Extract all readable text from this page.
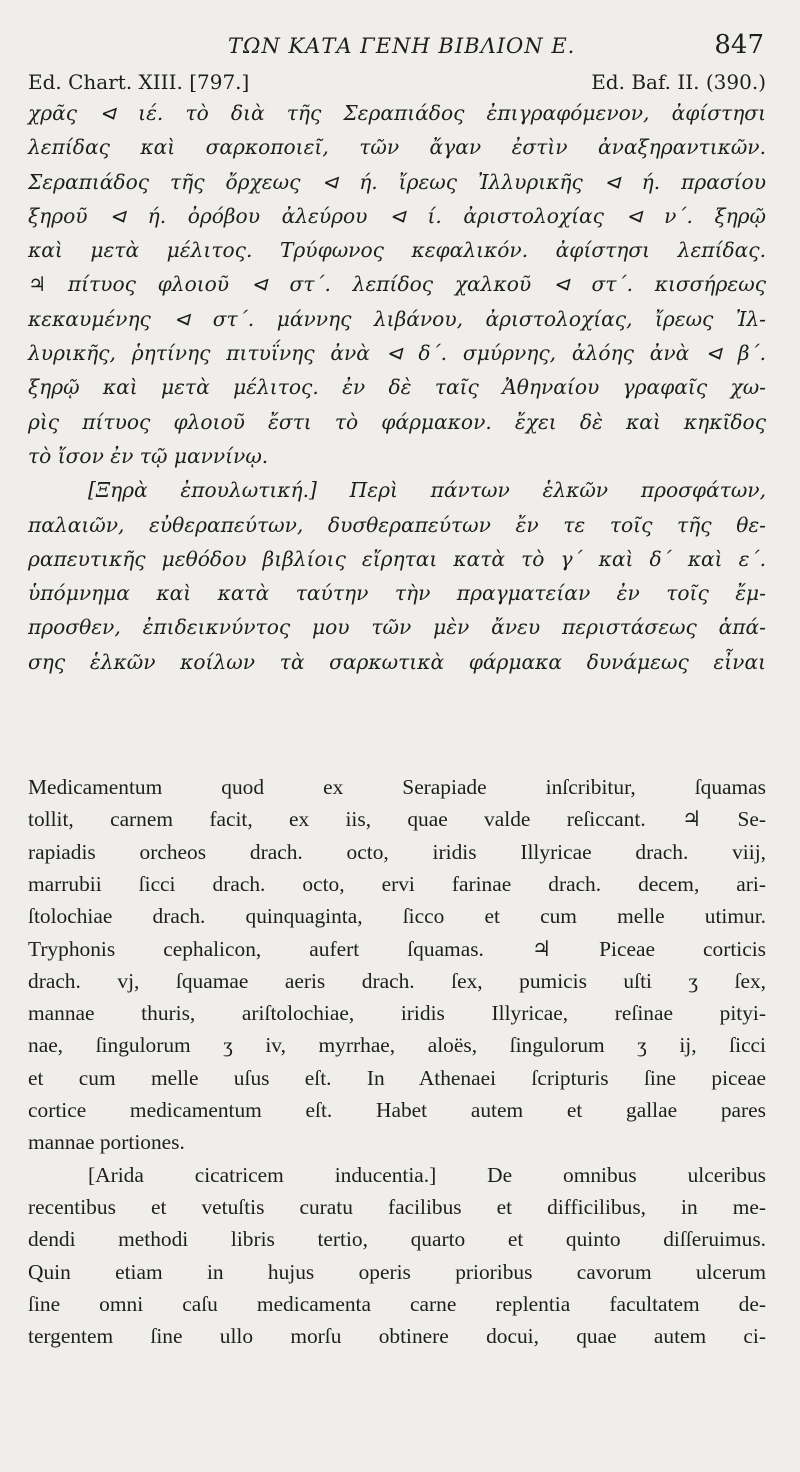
ΤΩΝ ΚΑΤΑ ΓΕΝΗ ΒΙΒΛΙΟΝ Ε.	847
Ed. Chart. XIII. [797.]	Ed. Baf. II. (390.)
χρᾶς ⊲ ιέ. τὸ διὰ τῆς Σεραπιάδος ἐπιγραφόμενον, ἀφίστησι
λεπίδας καὶ σαρκοποιεῖ, τῶν ἄγαν ἐστὶν ἀναξηραντικῶν.
Σεραπιάδος τῆς ὄρχεως ⊲ ή. ἴρεως Ἰλλυρικῆς ⊲ ή. πρασίου
ξηροῦ ⊲ ή. ὀρόβου ἀλεύρου ⊲ ί. ἀριστολοχίας ⊲ ν΄. ξηρῷ
καὶ μετὰ μέλιτος. Τρύφωνος κεφαλικόν. ἀφίστησι λεπίδας.
♃ πίτυος φλοιοῦ ⊲ στ΄. λεπίδος χαλκοῦ ⊲ στ΄. κισσήρεως
κεκαυμένης ⊲ στ΄. μάννης λιβάνου, ἀριστολοχίας, ἴρεως Ἰλ-
λυρικῆς, ῥητίνης πιτυΐνης ἀνὰ ⊲ δ΄. σμύρνης, ἀλόης ἀνὰ ⊲ β΄.
ξηρῷ καὶ μετὰ μέλιτος. ἐν δὲ ταῖς Ἀθηναίου γραφαῖς χω-
ρὶς πίτυος φλοιοῦ ἔστι τὸ φάρμακον. ἔχει δὲ καὶ κηκῖδος
τὸ ἴσον ἐν τῷ μαννίνῳ.
[Ξηρὰ ἐπουλωτική.] Περὶ πάντων ἑλκῶν προσφάτων,
παλαιῶν, εὐθεραπεύτων, δυσθεραπεύτων ἔν τε τοῖς τῆς θε-
ραπευτικῆς μεθόδου βιβλίοις εἴρηται κατὰ τὸ γ΄ καὶ δ΄ καὶ ε΄.
ὑπόμνημα καὶ κατὰ ταύτην τὴν πραγματείαν ἐν τοῖς ἔμ-
προσθεν, ἐπιδεικνύντος μου τῶν μὲν ἄνευ περιστάσεως ἁπά-
σης ἑλκῶν κοίλων τὰ σαρκωτικὰ φάρμακα δυνάμεως εἶναι
Medicamentum quod ex Serapiade inſcribitur, ſquamas
tollit, carnem facit, ex iis, quae valde reſiccant. ♃ Se-
rapiadis orcheos drach. octo, iridis Illyricae drach. viij,
marrubii ſicci drach. octo, ervi farinae drach. decem, ari-
ſtolochiae drach. quinquaginta, ſicco et cum melle utimur.
Tryphonis cephalicon, aufert ſquamas. ♃ Piceae corticis
drach. vj, ſquamae aeris drach. ſex, pumicis uſti ʒ ſex,
mannae thuris, ariſtolochiae, iridis Illyricae, reſinae pityi-
nae, ſingulorum ʒ iv, myrrhae, aloës, ſingulorum ʒ ij, ſicci
et cum melle uſus eſt. In Athenaei ſcripturis ſine piceae
cortice medicamentum eſt. Habet autem et gallae pares
mannae portiones.
[Arida cicatricem inducentia.] De omnibus ulceribus
recentibus et vetuſtis curatu facilibus et difficilibus, in me-
dendi methodi libris tertio, quarto et quinto diſſeruimus.
Quin etiam in hujus operis prioribus cavorum ulcerum
ſine omni caſu medicamenta carne replentia facultatem de-
tergentem ſine ullo morſu obtinere docui, quae autem ci-
